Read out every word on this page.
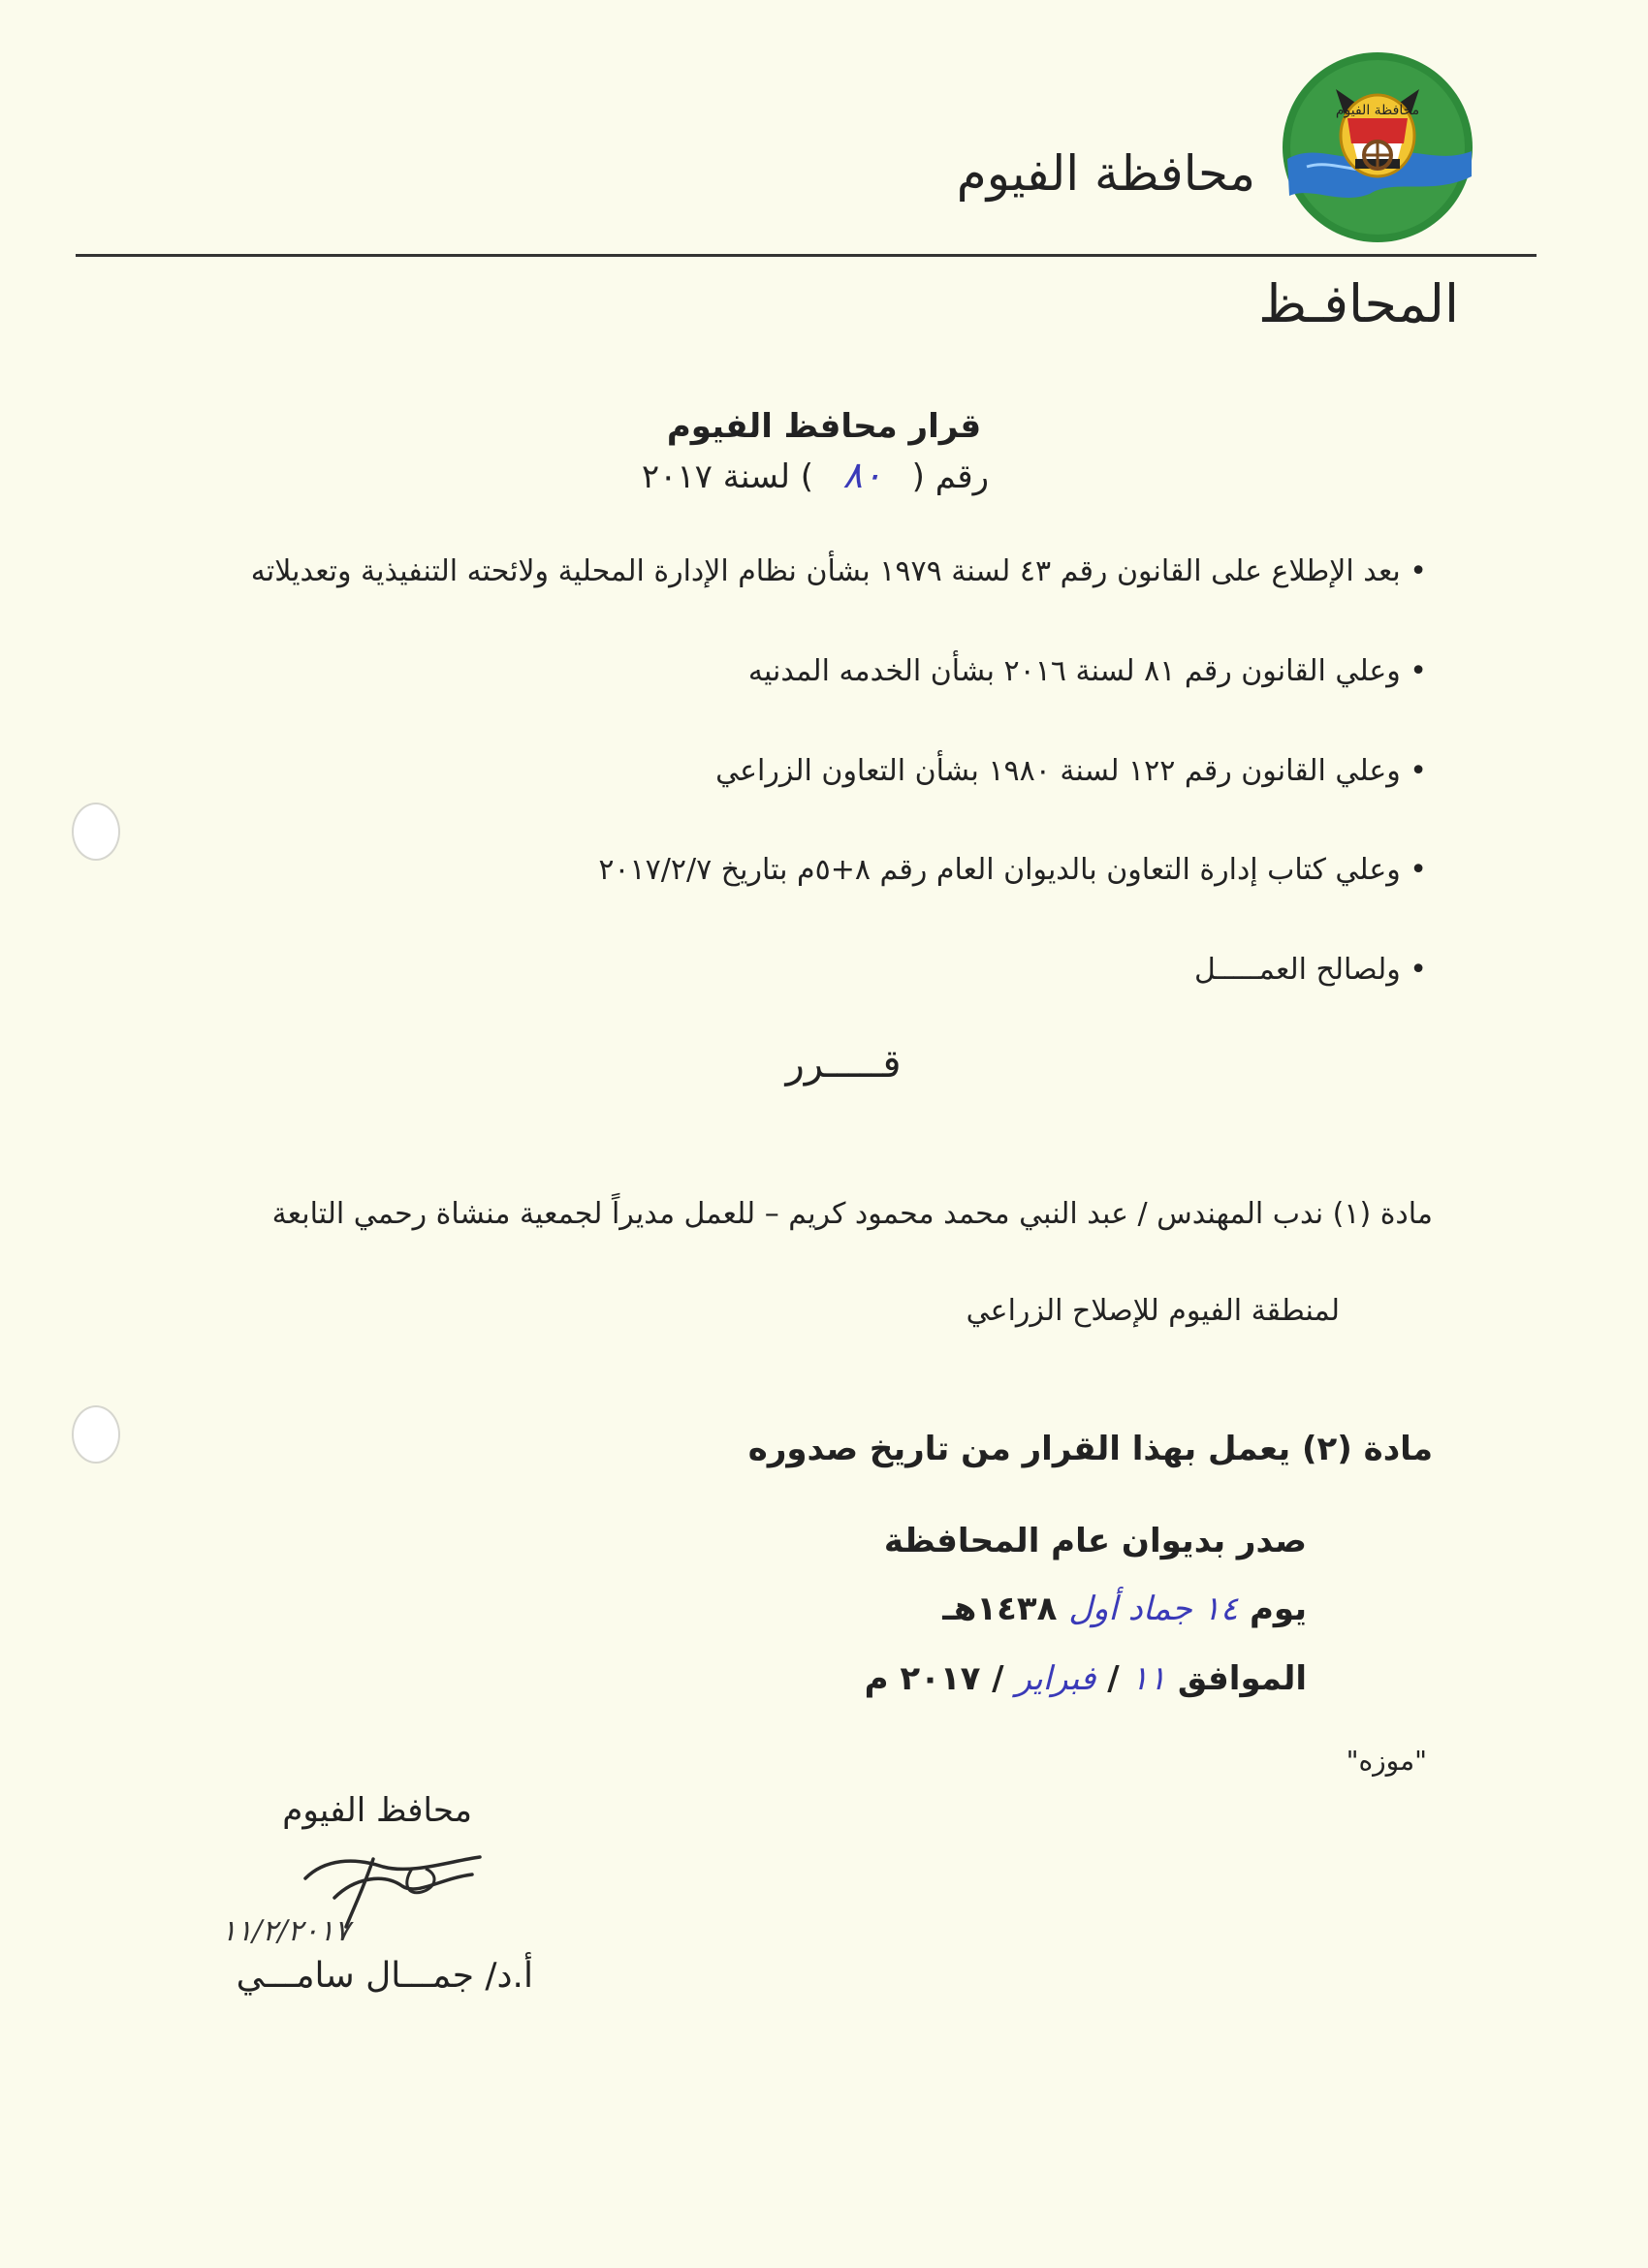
محافظة الفيوم
محافظة الفيوم
المحافـظ
قرار محافظ الفيوم
رقم ( ٨٠ ) لسنة ٢٠١٧
• بعد الإطلاع على القانون رقم ٤٣ لسنة ١٩٧٩ بشأن نظام الإدارة المحلية ولائحته التنفيذية وتعديلاته
• وعلي القانون رقم ٨١ لسنة ٢٠١٦ بشأن الخدمه المدنيه
• وعلي القانون رقم ١٢٢ لسنة ١٩٨٠ بشأن التعاون الزراعي
• وعلي كتاب إدارة التعاون بالديوان العام رقم ٨+٥م بتاريخ ٢٠١٧/٢/٧
• ولصالح العمـــــل
قـــــرر
مادة (١) ندب المهندس / عبد النبي محمد محمود كريم – للعمل مديراً لجمعية منشاة رحمي التابعة
لمنطقة الفيوم للإصلاح الزراعي
مادة (٢) يعمل بهذا القرار من تاريخ صدوره
صدر بديوان عام المحافظة
يوم ١٤ جماد أول ١٤٣٨هـ
الموافق ١١ / فبراير / ٢٠١٧ م
"موزه"
محافظ الفيوم
١١/٢/٢٠١٧
أ.د/ جمـــال سامـــي
